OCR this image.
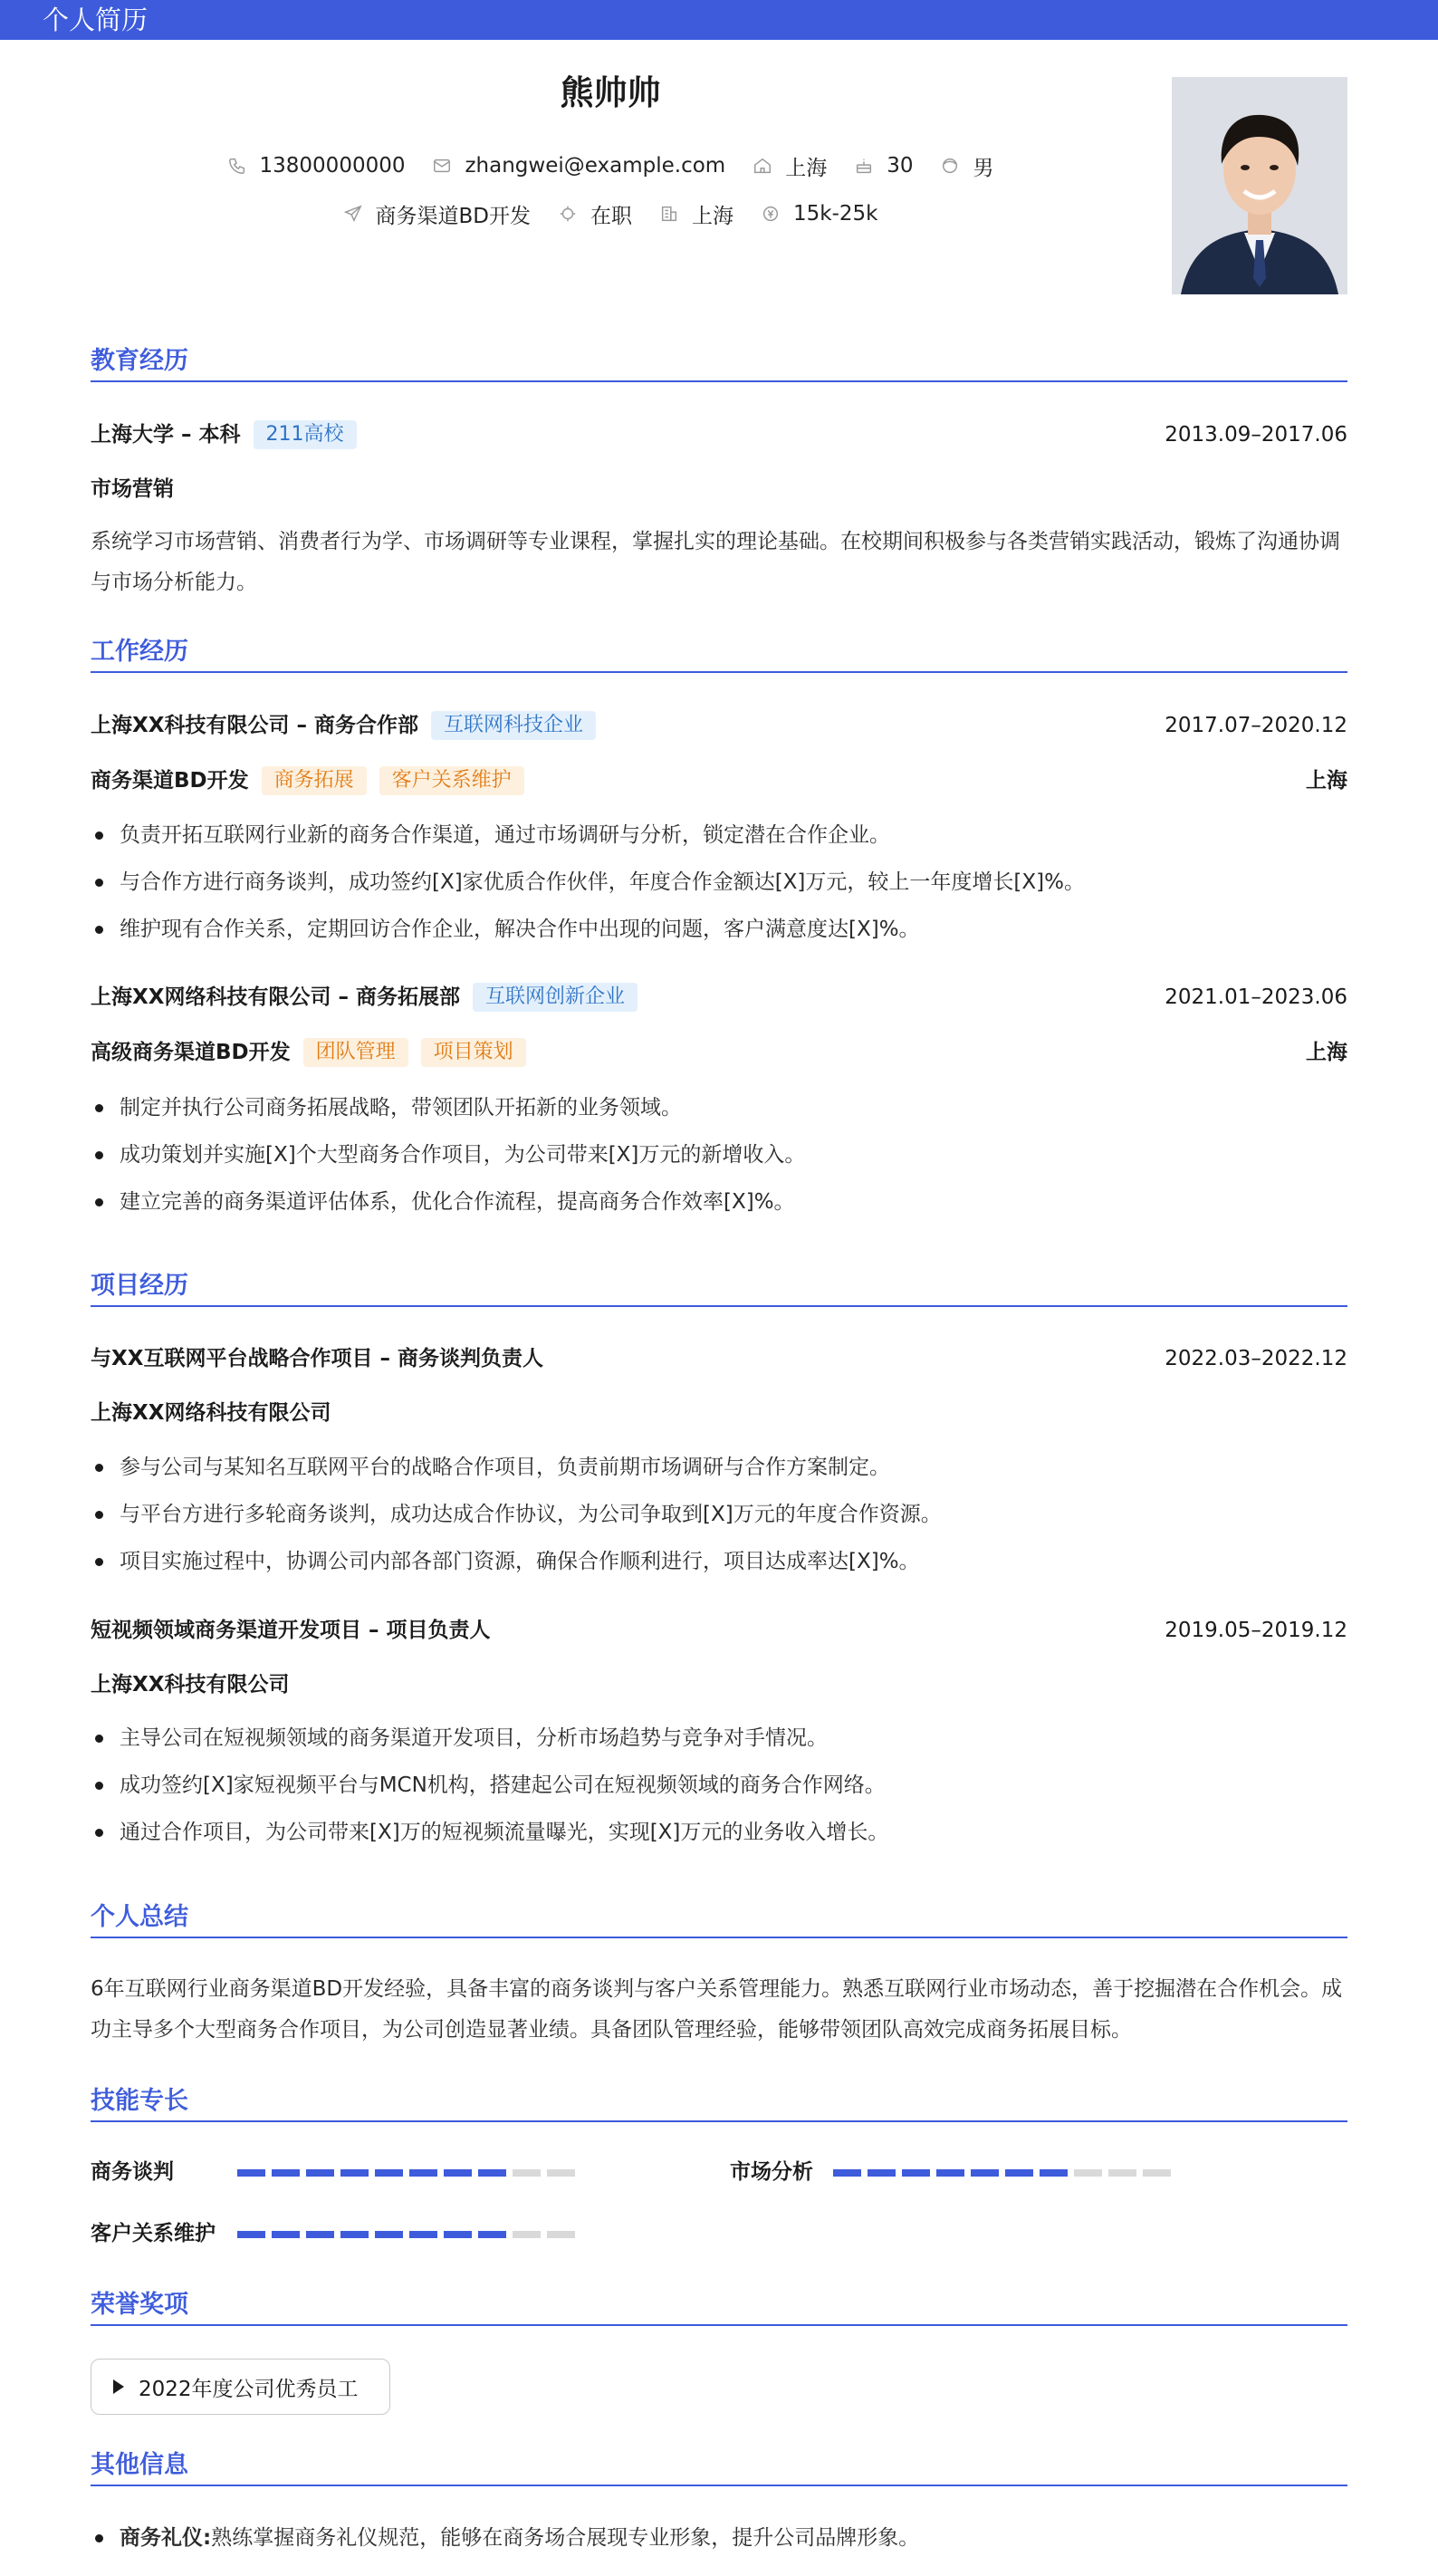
个人简历
熊帅帅
13800000000	zhangwei@example.com	上海	30	男
商务渠道BD开发	在职	上海	15k-25k
教育经历
上海大学 – 本科 211高校	2013.09–2017.06
市场营销
系统学习市场营销、消费者行为学、市场调研等专业课程，掌握扎实的理论基础。在校期间积极参与各类营销实践活动，锻炼了沟通协调与市场分析能力。
工作经历
上海XX科技有限公司 – 商务合作部 互联网科技企业	2017.07–2020.12
商务渠道BD开发 商务拓展 客户关系维护	上海
负责开拓互联网行业新的商务合作渠道，通过市场调研与分析，锁定潜在合作企业。
与合作方进行商务谈判，成功签约[X]家优质合作伙伴，年度合作金额达[X]万元，较上一年度增长[X]%。
维护现有合作关系，定期回访合作企业，解决合作中出现的问题，客户满意度达[X]%。
上海XX网络科技有限公司 – 商务拓展部 互联网创新企业	2021.01–2023.06
高级商务渠道BD开发 团队管理 项目策划	上海
制定并执行公司商务拓展战略，带领团队开拓新的业务领域。
成功策划并实施[X]个大型商务合作项目，为公司带来[X]万元的新增收入。
建立完善的商务渠道评估体系，优化合作流程，提高商务合作效率[X]%。
项目经历
与XX互联网平台战略合作项目 – 商务谈判负责人	2022.03–2022.12
上海XX网络科技有限公司
参与公司与某知名互联网平台的战略合作项目，负责前期市场调研与合作方案制定。
与平台方进行多轮商务谈判，成功达成合作协议，为公司争取到[X]万元的年度合作资源。
项目实施过程中，协调公司内部各部门资源，确保合作顺利进行，项目达成率达[X]%。
短视频领域商务渠道开发项目 – 项目负责人	2019.05–2019.12
上海XX科技有限公司
主导公司在短视频领域的商务渠道开发项目，分析市场趋势与竞争对手情况。
成功签约[X]家短视频平台与MCN机构，搭建起公司在短视频领域的商务合作网络。
通过合作项目，为公司带来[X]万的短视频流量曝光，实现[X]万元的业务收入增长。
个人总结
6年互联网行业商务渠道BD开发经验，具备丰富的商务谈判与客户关系管理能力。熟悉互联网行业市场动态，善于挖掘潜在合作机会。成功主导多个大型商务合作项目，为公司创造显著业绩。具备团队管理经验，能够带领团队高效完成商务拓展目标。
技能专长
商务谈判	市场分析
客户关系维护
荣誉奖项
2022年度公司优秀员工
其他信息
商务礼仪:熟练掌握商务礼仪规范，能够在商务场合展现专业形象，提升公司品牌形象。
